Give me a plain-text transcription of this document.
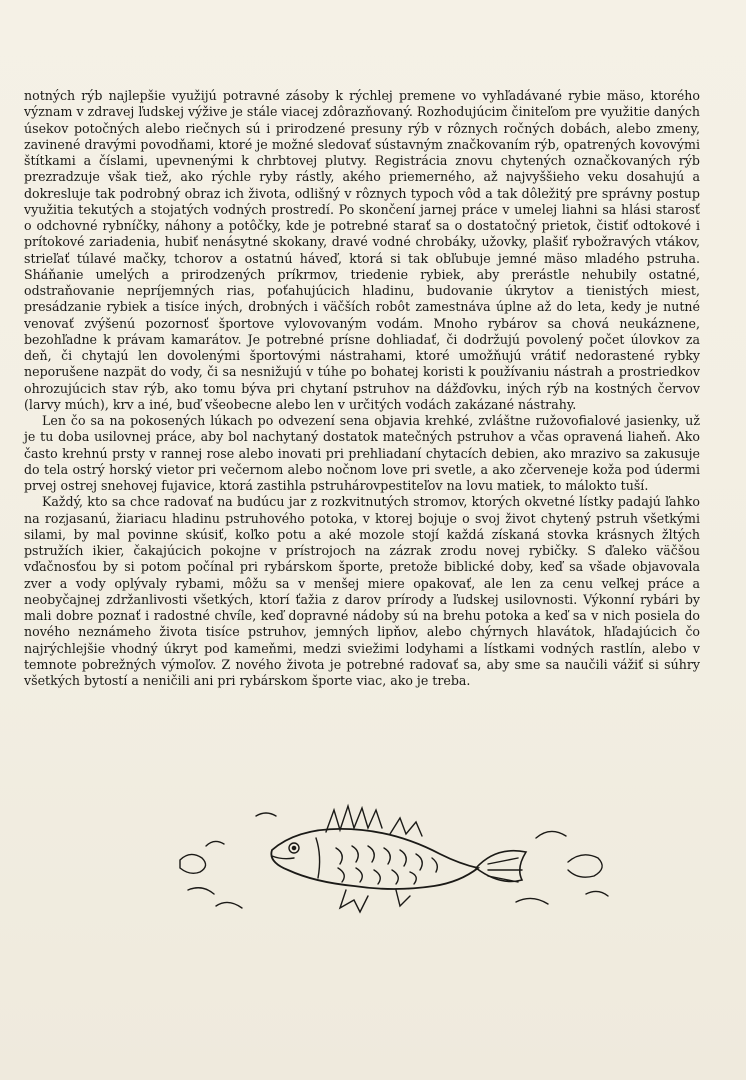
notných rýb najlepšie využijú potravné zásoby k rýchlej premene vo vyhľadávané rybie mäso, ktorého význam v zdravej ľudskej výžive je stále viacej zdôrazňovaný. Rozhodujúcim činiteľom pre využitie daných úsekov potočných alebo riečnych sú i prirodzené presuny rýb v rôznych ročných dobách, alebo zmeny, zavinené dravými povodňami, ktoré je možné sledovať sústavným značkovaním rýb, opatrených kovovými štítkami a číslami, upevnenými k chrbtovej plutvy. Registrácia znovu chytených označkovaných rýb prezradzuje však tiež, ako rýchle ryby rástly, akého priemerného, až najvyššieho veku dosahujú a dokresluje tak podrobný obraz ich života, odlišný v rôznych typoch vôd a tak dôležitý pre správny postup využitia tekutých a stojatých vodných prostredí. Po skončení jarnej práce v umelej liahni sa hlási starosť o odchovné rybníčky, náhony a potôčky, kde je potrebné starať sa o dostatočný prietok, čistiť odtokové i prítokové zariadenia, hubiť nenásytné skokany, dravé vodné chrobáky, užovky, plašiť rybožravých vtákov, strieľať túlavé mačky, tchorov a ostatnú háveď, ktorá si tak obľubuje jemné mäso mladého pstruha. Sháňanie umelých a prirodzených príkrmov, triedenie rybiek, aby prerástle nehubily ostatné, odstraňovanie nepríjemných rias, poťahujúcich hladinu, budovanie úkrytov a tienistých miest, presádzanie rybiek a tisíce iných, drobných i väčších robôt zamestnáva úplne až do leta, kedy je nutné venovať zvýšenú pozornosť športove vylovovaným vodám. Mnoho rybárov sa chová neukáznene, bezohľadne k právam kamarátov. Je potrebné prísne dohliadať, či dodržujú povolený počet úlovkov za deň, či chytajú len dovolenými športovými nástrahami, ktoré umožňujú vrátiť nedorastené rybky neporušene nazpät do vody, či sa nesnižujú v túhe po bohatej koristi k používaniu nástrah a prostriedkov ohrozujúcich stav rýb, ako tomu býva pri chytaní pstruhov na dážďovku, iných rýb na kostných červov (larvy múch), krv a iné, buď všeobecne alebo len v určitých vodách zakázané nástrahy.

Len čo sa na pokosených lúkach po odvezení sena objavia krehké, zvláštne ružovofialové jasienky, už je tu doba usilovnej práce, aby bol nachytaný dostatok matečných pstruhov a včas opravená liaheň. Ako často krehnú prsty v rannej rose alebo inovati pri prehliadaní chytacích debien, ako mrazivo sa zakusuje do tela ostrý horský vietor pri večernom alebo nočnom love pri svetle, a ako zčerveneje koža pod údermi prvej ostrej snehovej fujavice, ktorá zastihla pstruhárovpestiteľov na lovu matiek, to málokto tuší.

Každý, kto sa chce radovať na budúcu jar z rozkvitnutých stromov, ktorých okvetné lístky padajú ľahko na rozjasanú, žiariacu hladinu pstruhového potoka, v ktorej bojuje o svoj život chytený pstruh všetkými silami, by mal povinne skúsiť, koľko potu a aké mozole stojí každá získaná stovka krásnych žltých pstružích ikier, čakajúcich pokojne v prístrojoch na zázrak zrodu novej rybičky. S ďaleko väčšou vďačnosťou by si potom počínal pri rybárskom športe, pretože biblické doby, keď sa všade objavovala zver a vody oplývaly rybami, môžu sa v menšej miere opakovať, ale len za cenu veľkej práce a neobyčajnej zdržanlivosti všetkých, ktorí ťažia z darov prírody a ľudskej usilovnosti. Výkonní rybári by mali dobre poznať i radostné chvíle, keď dopravné nádoby sú na brehu potoka a keď sa v nich posiela do nového neznámeho života tisíce pstruhov, jemných lipňov, alebo chýrnych hlavátok, hľadajúcich čo najrýchlejšie vhodný úkryt pod kameňmi, medzi sviežimi lodyhami a lístkami vodných rastlín, alebo v temnote pobrežných výmoľov. Z nového života je potrebné radovať sa, aby sme sa naučili vážiť si súhry všetkých bytostí a neničili ani pri rybárskom športe viac, ako je treba.
